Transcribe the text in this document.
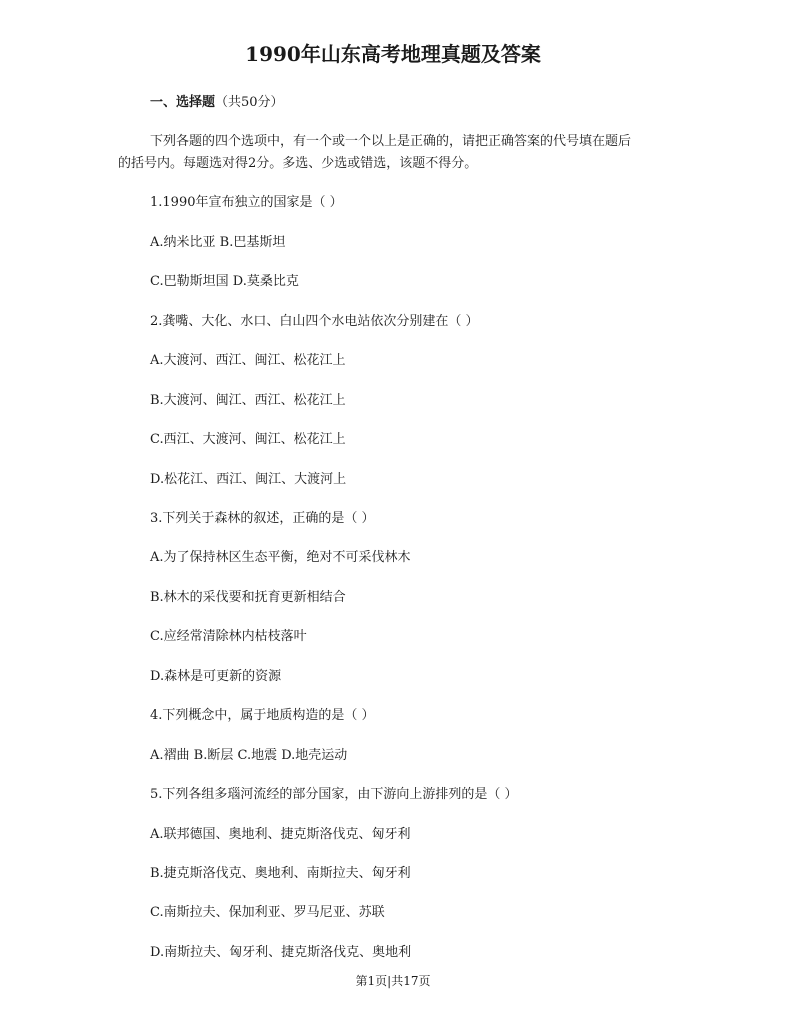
1990年山东高考地理真题及答案
一、选择题（共50分）
下列各题的四个选项中，有一个或一个以上是正确的，请把正确答案的代号填在题后
的括号内。每题选对得2分。多选、少选或错选，该题不得分。
1.1990年宣布独立的国家是（ ）
A.纳米比亚 B.巴基斯坦
C.巴勒斯坦国 D.莫桑比克
2.龚嘴、大化、水口、白山四个水电站依次分别建在（ ）
A.大渡河、西江、闽江、松花江上
B.大渡河、闽江、西江、松花江上
C.西江、大渡河、闽江、松花江上
D.松花江、西江、闽江、大渡河上
3.下列关于森林的叙述，正确的是（ ）
A.为了保持林区生态平衡，绝对不可采伐林木
B.林木的采伐要和抚育更新相结合
C.应经常清除林内枯枝落叶
D.森林是可更新的资源
4.下列概念中，属于地质构造的是（ ）
A.褶曲 B.断层 C.地震 D.地壳运动
5.下列各组多瑙河流经的部分国家，由下游向上游排列的是（ ）
A.联邦德国、奥地利、捷克斯洛伐克、匈牙利
B.捷克斯洛伐克、奥地利、南斯拉夫、匈牙利
C.南斯拉夫、保加利亚、罗马尼亚、苏联
D.南斯拉夫、匈牙利、捷克斯洛伐克、奥地利
第1页|共17页
